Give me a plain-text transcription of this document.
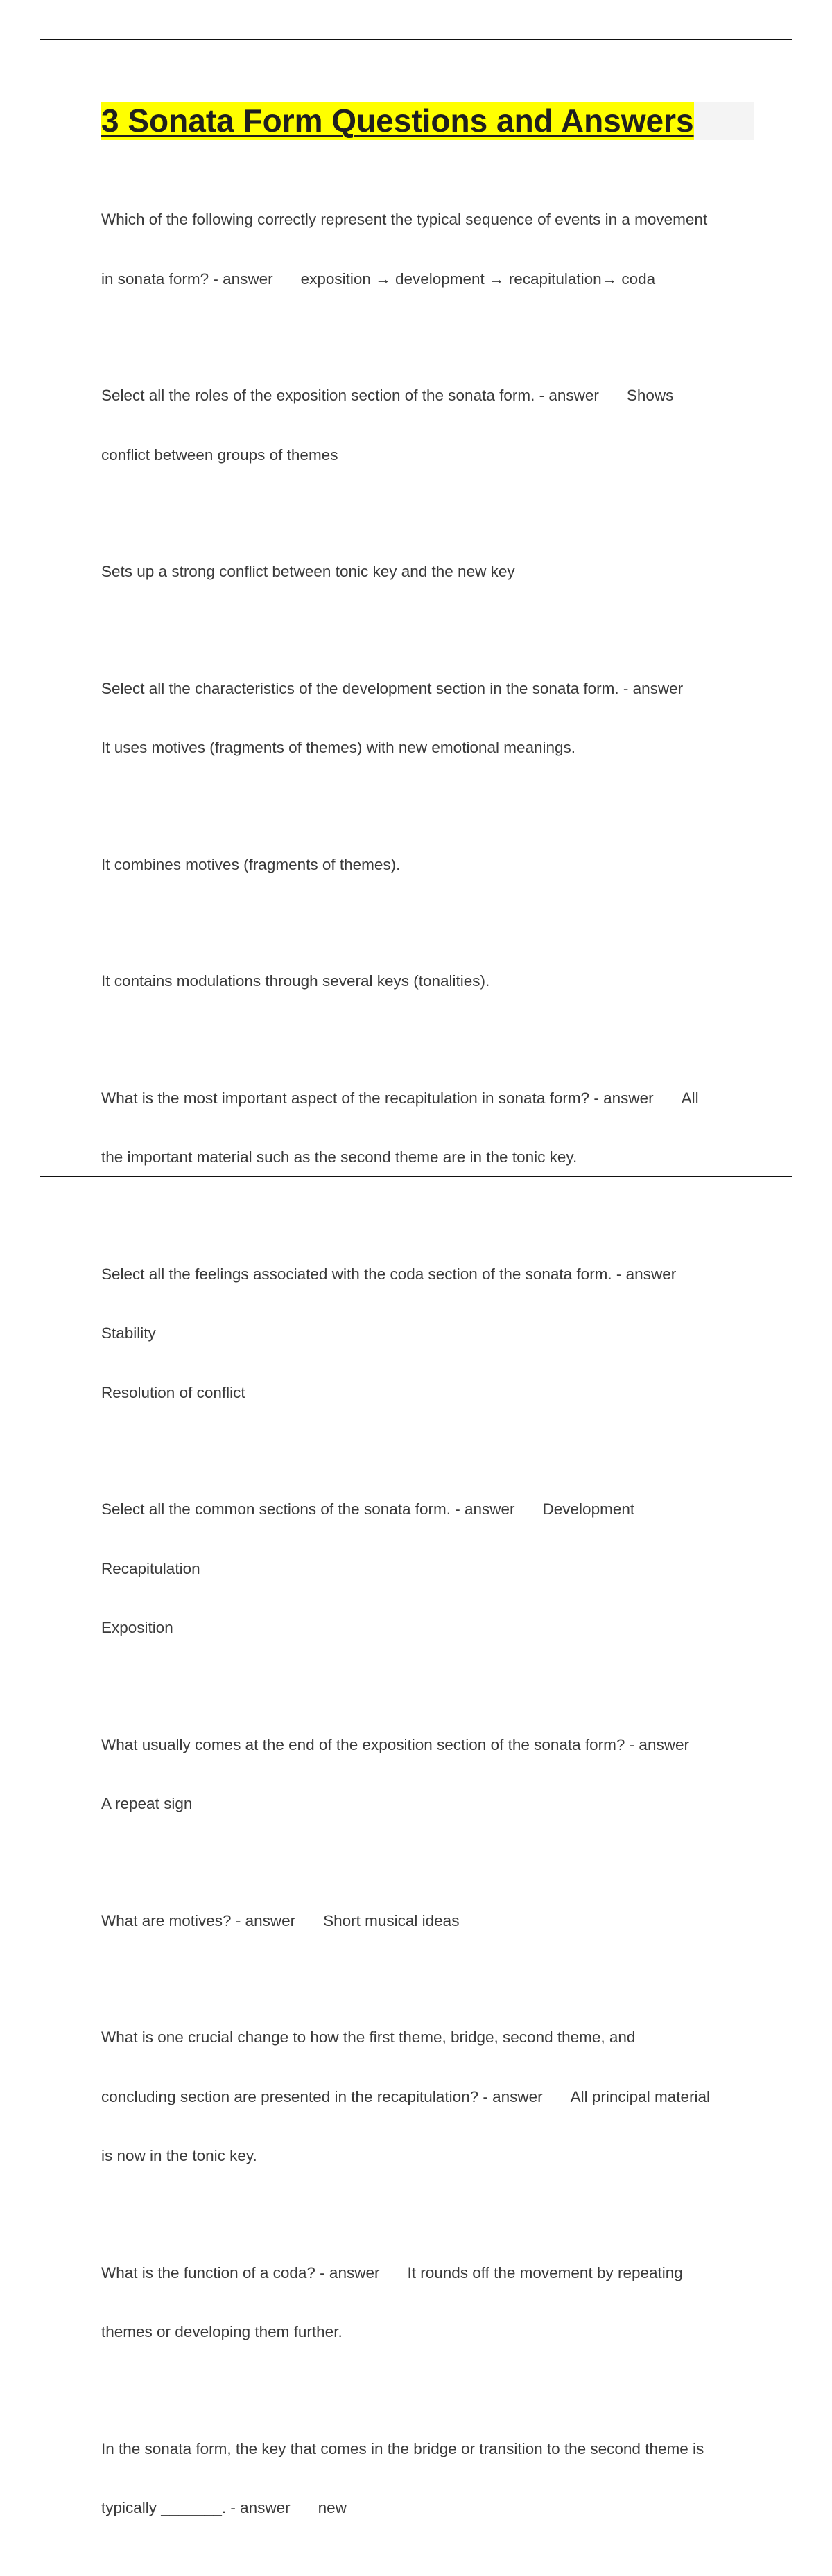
3 Sonata Form Questions and Answers

Which of the following correctly represent the typical sequence of events in a movement

in sonata form? - answer exposition → development → recapitulation→ coda

Select all the roles of the exposition section of the sonata form. - answer Shows

conflict between groups of themes

Sets up a strong conflict between tonic key and the new key

Select all the characteristics of the development section in the sonata form. - answer

It uses motives (fragments of themes) with new emotional meanings.

It combines motives (fragments of themes).

It contains modulations through several keys (tonalities).

What is the most important aspect of the recapitulation in sonata form? - answer All

the important material such as the second theme are in the tonic key.

Select all the feelings associated with the coda section of the sonata form. - answer

Stability

Resolution of conflict

Select all the common sections of the sonata form. - answer Development

Recapitulation

Exposition

What usually comes at the end of the exposition section of the sonata form? - answer

A repeat sign

What are motives? - answer Short musical ideas

What is one crucial change to how the first theme, bridge, second theme, and

concluding section are presented in the recapitulation? - answer All principal material

is now in the tonic key.

What is the function of a coda? - answer It rounds off the movement by repeating

themes or developing them further.

In the sonata form, the key that comes in the bridge or transition to the second theme is

typically _______. - answer new
